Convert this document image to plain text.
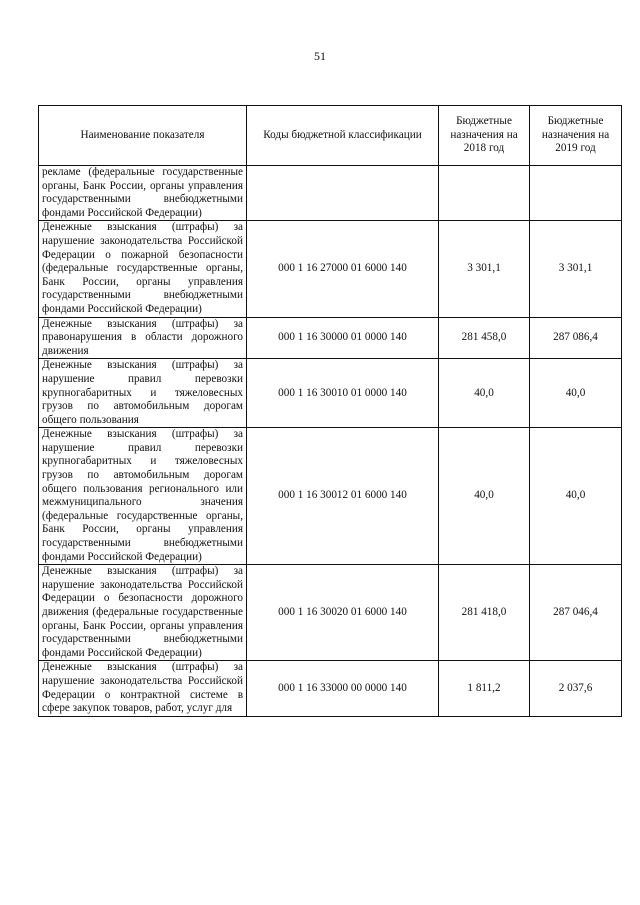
51
Наименование показателя	Коды бюджетной классификации	Бюджетные назначения на 2018 год	Бюджетные назначения на 2019 год
рекламе (федеральные государственные органы, Банк России, органы управления государственными внебюджетными фондами Российской Федерации)			
Денежные взыскания (штрафы) за нарушение законодательства Российской Федерации о пожарной безопасности (федеральные государственные органы, Банк России, органы управления государственными внебюджетными фондами Российской Федерации)	000 1 16 27000 01 6000 140	3 301,1	3 301,1
Денежные взыскания (штрафы) за правонарушения в области дорожного движения	000 1 16 30000 01 0000 140	281 458,0	287 086,4
Денежные взыскания (штрафы) за нарушение правил перевозки крупногабаритных и тяжеловесных грузов по автомобильным дорогам общего пользования	000 1 16 30010 01 0000 140	40,0	40,0
Денежные взыскания (штрафы) за нарушение правил перевозки крупногабаритных и тяжеловесных грузов по автомобильным дорогам общего пользования регионального или межмуниципального значения (федеральные государственные органы, Банк России, органы управления государственными внебюджетными фондами Российской Федерации)	000 1 16 30012 01 6000 140	40,0	40,0
Денежные взыскания (штрафы) за нарушение законодательства Российской Федерации о безопасности дорожного движения (федеральные государственные органы, Банк России, органы управления государственными внебюджетными фондами Российской Федерации)	000 1 16 30020 01 6000 140	281 418,0	287 046,4
Денежные взыскания (штрафы) за нарушение законодательства Российской Федерации о контрактной системе в сфере закупок товаров, работ, услуг для	000 1 16 33000 00 0000 140	1 811,2	2 037,6
